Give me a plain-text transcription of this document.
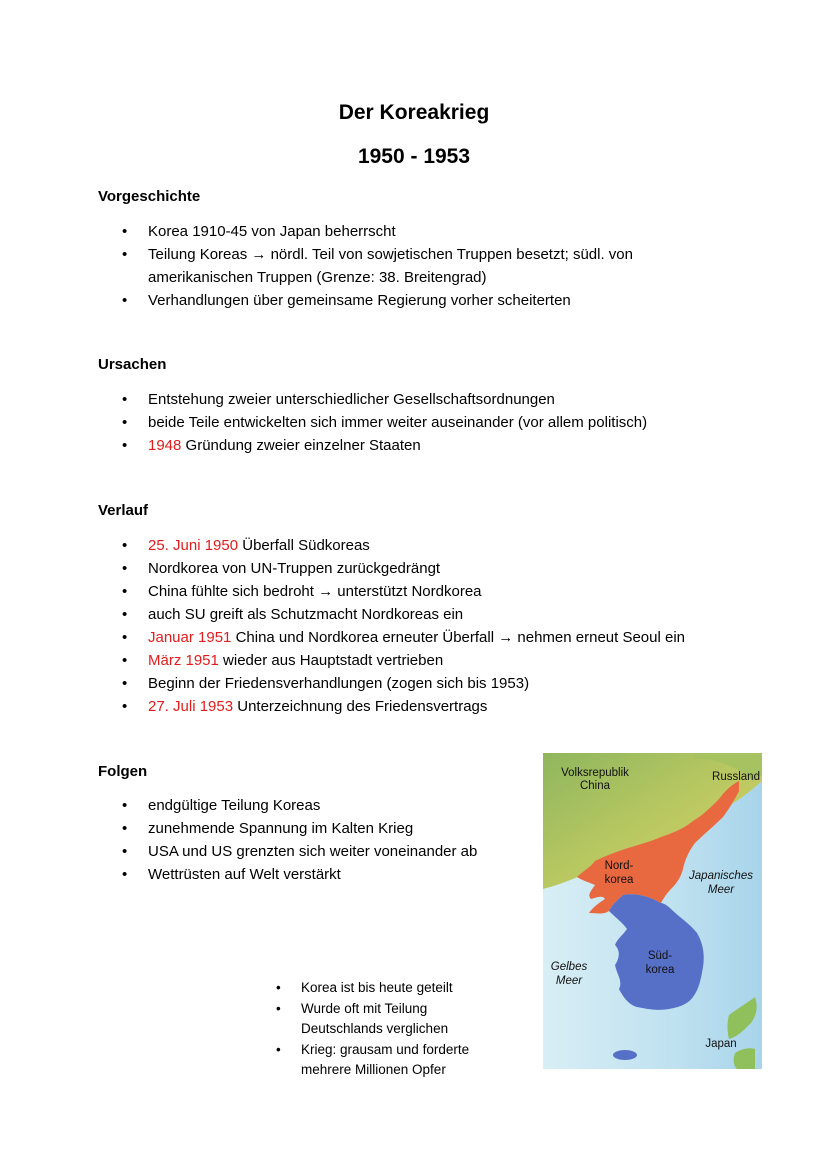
Der Koreakrieg
1950 - 1953
Vorgeschichte
• Korea 1910-45 von Japan beherrscht
• Teilung Koreas → nördl. Teil von sowjetischen Truppen besetzt; südl. von
amerikanischen Truppen (Grenze: 38. Breitengrad)
• Verhandlungen über gemeinsame Regierung vorher scheiterten
Ursachen
• Entstehung zweier unterschiedlicher Gesellschaftsordnungen
• beide Teile entwickelten sich immer weiter auseinander (vor allem politisch)
• 1948 Gründung zweier einzelner Staaten
Verlauf
• 25. Juni 1950 Überfall Südkoreas
• Nordkorea von UN-Truppen zurückgedrängt
• China fühlte sich bedroht → unterstützt Nordkorea
• auch SU greift als Schutzmacht Nordkoreas ein
• Januar 1951 China und Nordkorea erneuter Überfall → nehmen erneut Seoul ein
• März 1951 wieder aus Hauptstadt vertrieben
• Beginn der Friedensverhandlungen (zogen sich bis 1953)
• 27. Juli 1953 Unterzeichnung des Friedensvertrags
Folgen
• endgültige Teilung Koreas
• zunehmende Spannung im Kalten Krieg
• USA und US grenzten sich weiter voneinander ab
• Wettrüsten auf Welt verstärkt
• Korea ist bis heute geteilt
• Wurde oft mit Teilung
Deutschlands verglichen
• Krieg: grausam und forderte
mehrere Millionen Opfer
Volksrepublik
China
Russland
Nord-
korea	Japanisches
Meer
Gelbes
Meer
Süd-
korea
Japan
